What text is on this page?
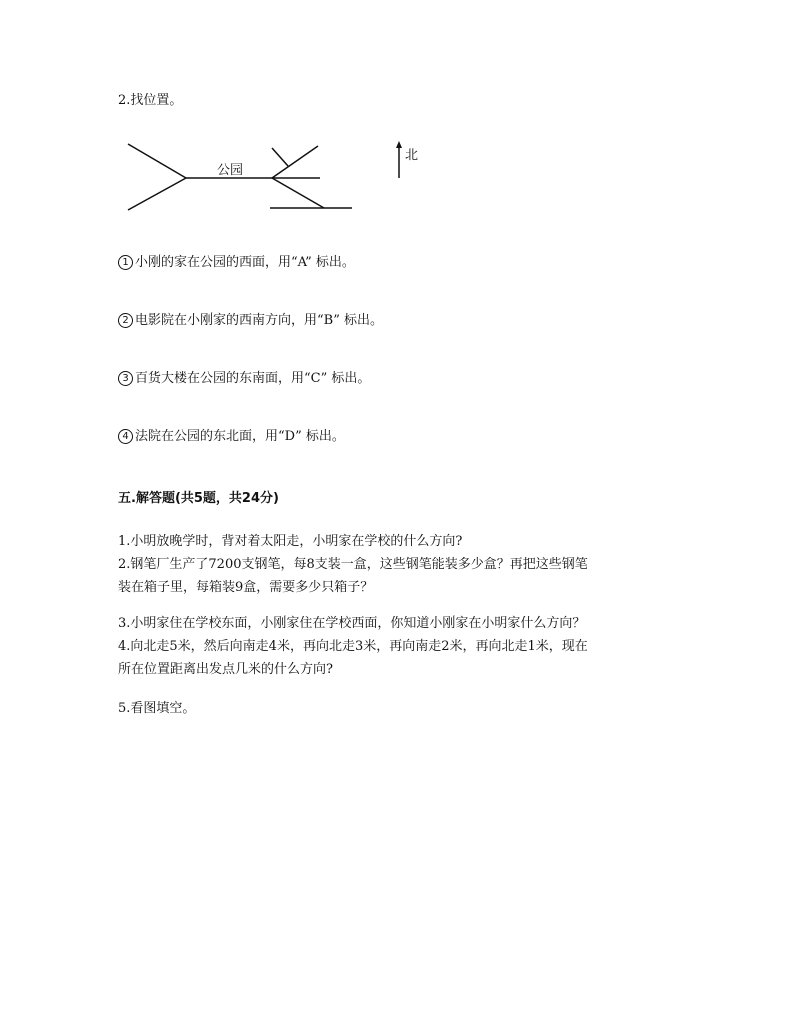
2.找位置。
公园
北
1 小刚的家在公园的西面，用“A” 标出。
2 电影院在小刚家的西南方向，用“B” 标出。
3 百货大楼在公园的东南面，用“C” 标出。
4 法院在公园的东北面，用“D” 标出。
五.解答题(共5题，共24分)
1.小明放晚学时，背对着太阳走，小明家在学校的什么方向?
2.钢笔厂生产了7200支钢笔，每8支装一盒，这些钢笔能装多少盒？再把这些钢笔
装在箱子里，每箱装9盒，需要多少只箱子？
3.小明家住在学校东面，小刚家住在学校西面，你知道小刚家在小明家什么方向？
4.向北走5米，然后向南走4米，再向北走3米，再向南走2米，再向北走1米，现在
所在位置距离出发点几米的什么方向?
5.看图填空。
